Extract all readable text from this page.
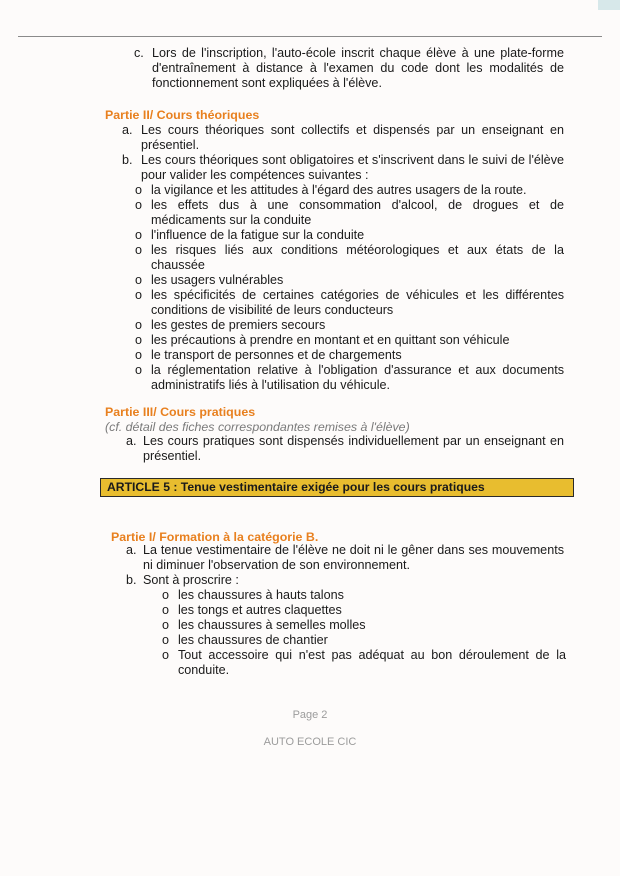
c. Lors de l'inscription, l'auto-école inscrit chaque élève à une plate-forme d'entraînement à distance à l'examen du code dont les modalités de fonctionnement sont expliquées à l'élève.
Partie II/ Cours théoriques
a. Les cours théoriques sont collectifs et dispensés par un enseignant en présentiel.
b. Les cours théoriques sont obligatoires et s'inscrivent dans le suivi de l'élève pour valider les compétences suivantes :
o la vigilance et les attitudes à l'égard des autres usagers de la route.
o les effets dus à une consommation d'alcool, de drogues et de médicaments sur la conduite
o l'influence de la fatigue sur la conduite
o les risques liés aux conditions météorologiques et aux états de la chaussée
o les usagers vulnérables
o les spécificités de certaines catégories de véhicules et les différentes conditions de visibilité de leurs conducteurs
o les gestes de premiers secours
o les précautions à prendre en montant et en quittant son véhicule
o le transport de personnes et de chargements
o la réglementation relative à l'obligation d'assurance et aux documents administratifs liés à l'utilisation du véhicule.
Partie III/ Cours pratiques
(cf. détail des fiches correspondantes remises à l'élève)
a. Les cours pratiques sont dispensés individuellement par un enseignant en présentiel.
ARTICLE 5 : Tenue vestimentaire exigée pour les cours pratiques
Partie I/ Formation à la catégorie B.
a. La tenue vestimentaire de l'élève ne doit ni le gêner dans ses mouvements ni diminuer l'observation de son environnement.
b. Sont à proscrire :
o les chaussures à hauts talons
o les tongs et autres claquettes
o les chaussures à semelles molles
o les chaussures de chantier
o Tout accessoire qui n'est pas adéquat au bon déroulement de la conduite.
Page 2
AUTO ECOLE CIC
